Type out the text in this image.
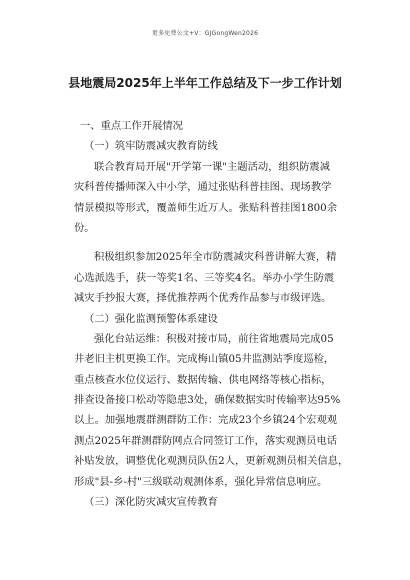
更多免费公文+V：GJGongWen2026
县地震局2025年上半年工作总结及下一步工作计划
一、重点工作开展情况
（一）筑牢防震减灾教育防线
联合教育局开展"开学第一课"主题活动，组织防震减
灾科普传播师深入中小学，通过张贴科普挂图、现场教学
情景模拟等形式，覆盖师生近万人。张贴科普挂图1800余
份。
积极组织参加2025年全市防震减灾科普讲解大赛，精
心选派选手，获一等奖1名、三等奖4名。举办小学生防震
减灾手抄报大赛，择优推荐两个优秀作品参与市级评选。
（二）强化监测预警体系建设
强化台站运维：积极对接市局，前往省地震局完成05
井老旧主机更换工作。完成梅山镇05井监测站季度巡检，
重点核查水位仪运行、数据传输、供电网络等核心指标，
排查设备接口松动等隐患3处，确保数据实时传输率达95%
以上。加强地震群测群防工作：完成23个乡镇24个宏观观
测点2025年群测群防网点合同签订工作，落实观测员电话
补贴发放，调整优化观测员队伍2人，更新观测员相关信息，
形成"县-乡-村"三级联动观测体系，强化异常信息响应。
（三）深化防灾减灾宣传教育
